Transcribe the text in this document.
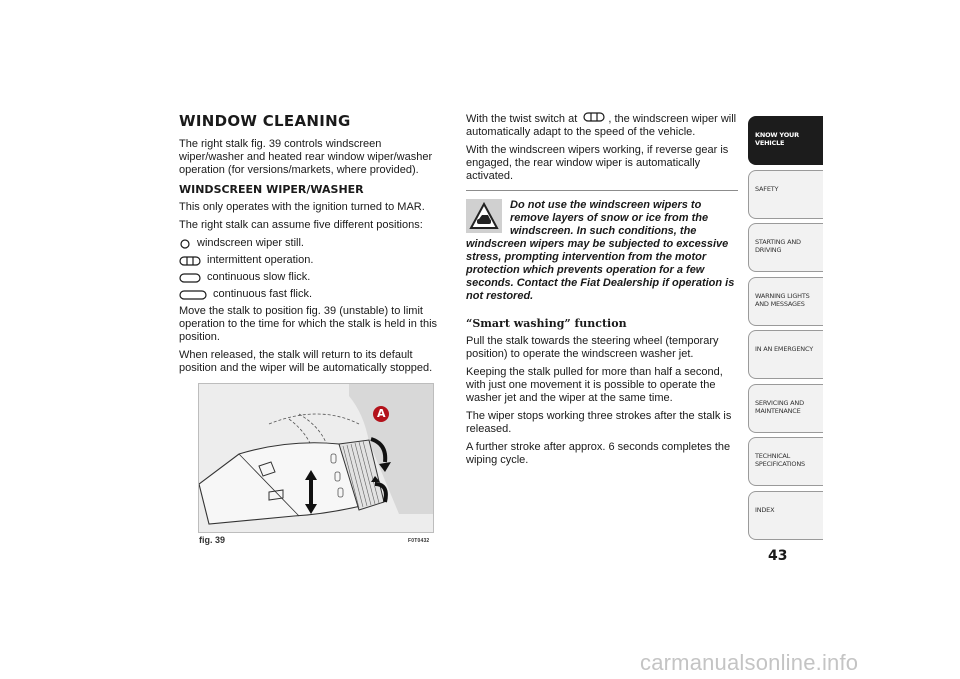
WINDOW CLEANING

The right stalk fig. 39 controls windscreen wiper/washer and heated rear window wiper/washer operation (for versions/markets, where provided).

WINDSCREEN WIPER/WASHER

This only operates with the ignition turned to MAR.

The right stalk can assume five different positions:

windscreen wiper still.
intermittent operation.
continuous slow flick.
continuous fast flick.

Move the stalk to position fig. 39 (unstable) to limit operation to the time for which the stalk is held in this position.

When released, the stalk will return to its default position and the wiper will be automatically stopped.

A
fig. 39	F0T0432

With the twist switch at	, the windscreen wiper will automatically adapt to the speed of the vehicle.

With the windscreen wipers working, if reverse gear is engaged, the rear window wiper is automatically activated.

Do not use the windscreen wipers to remove layers of snow or ice from the windscreen. In such conditions, the windscreen wipers may be subjected to excessive stress, prompting intervention from the motor protection which prevents operation for a few seconds. Contact the Fiat Dealership if operation is not restored.

“Smart washing” function

Pull the stalk towards the steering wheel (temporary position) to operate the windscreen washer jet.

Keeping the stalk pulled for more than half a second, with just one movement it is possible to operate the washer jet and the wiper at the same time.

The wiper stops working three strokes after the stalk is released.

A further stroke after approx. 6 seconds completes the wiping cycle.

KNOW YOUR
VEHICLE
SAFETY
STARTING AND
DRIVING
WARNING LIGHTS
AND MESSAGES
IN AN EMERGENCY
SERVICING AND
MAINTENANCE
TECHNICAL
SPECIFICATIONS
INDEX
43
carmanualsonline.info
